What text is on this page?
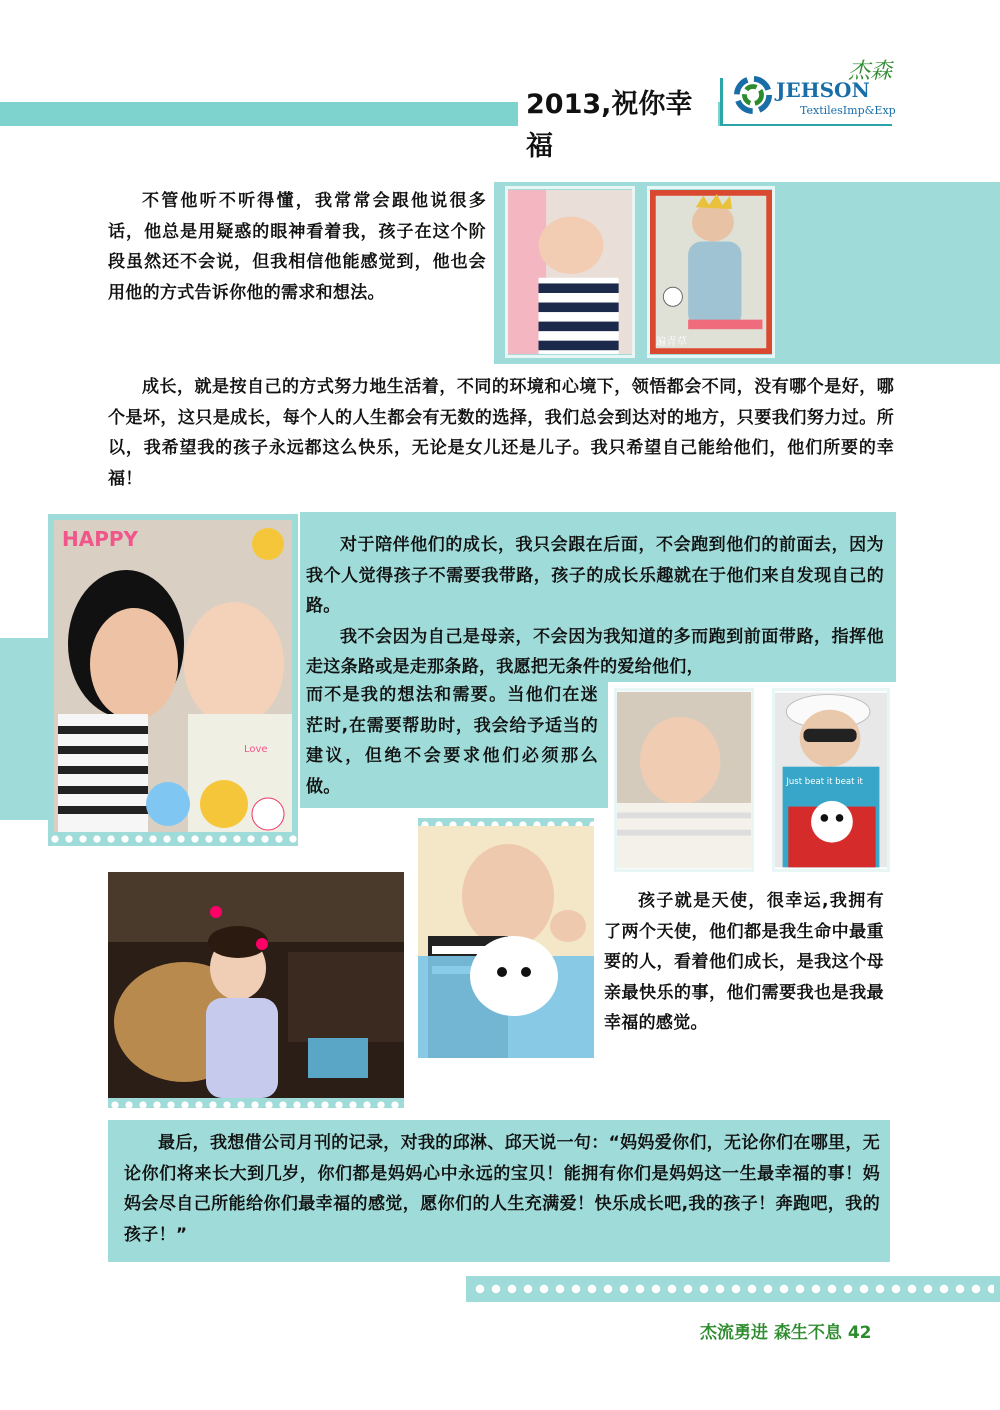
2013,祝你幸福
JEHSON
TextilesImp&Exp
杰森

不管他听不听得懂，我常常会跟他说很多话，他总是用疑惑的眼神看着我，孩子在这个阶段虽然还不会说，但我相信他能感觉到，他也会用他的方式告诉你他的需求和想法。

遍青草

成长，就是按自己的方式努力地生活着，不同的环境和心境下，领悟都会不同，没有哪个是好，哪个是坏，这只是成长，每个人的人生都会有无数的选择，我们总会到达对的地方，只要我们努力过。所以，我希望我的孩子永远都这么快乐，无论是女儿还是儿子。我只希望自己能给他们，他们所要的幸福！

HAPPY
Love

对于陪伴他们的成长，我只会跟在后面，不会跑到他们的前面去，因为我个人觉得孩子不需要我带路，孩子的成长乐趣就在于他们来自发现自己的路。

我不会因为自己是母亲，不会因为我知道的多而跑到前面带路，指挥他走这条路或是走那条路，我愿把无条件的爱给他们，

而不是我的想法和需要。当他们在迷茫时,在需要帮助时，我会给予适当的建议，但绝不会要求他们必须那么做。	Just beat it beat it

孩子就是天使，很幸运,我拥有了两个天使，他们都是我生命中最重要的人，看着他们成长，是我这个母亲最快乐的事，他们需要我也是我最幸福的感觉。

最后，我想借公司月刊的记录，对我的邱淋、邱天说一句：“妈妈爱你们，无论你们在哪里，无论你们将来长大到几岁，你们都是妈妈心中永远的宝贝！能拥有你们是妈妈这一生最幸福的事！妈妈会尽自己所能给你们最幸福的感觉，愿你们的人生充满爱！快乐成长吧,我的孩子！奔跑吧，我的孩子！”

杰流勇进 森生不息 42
